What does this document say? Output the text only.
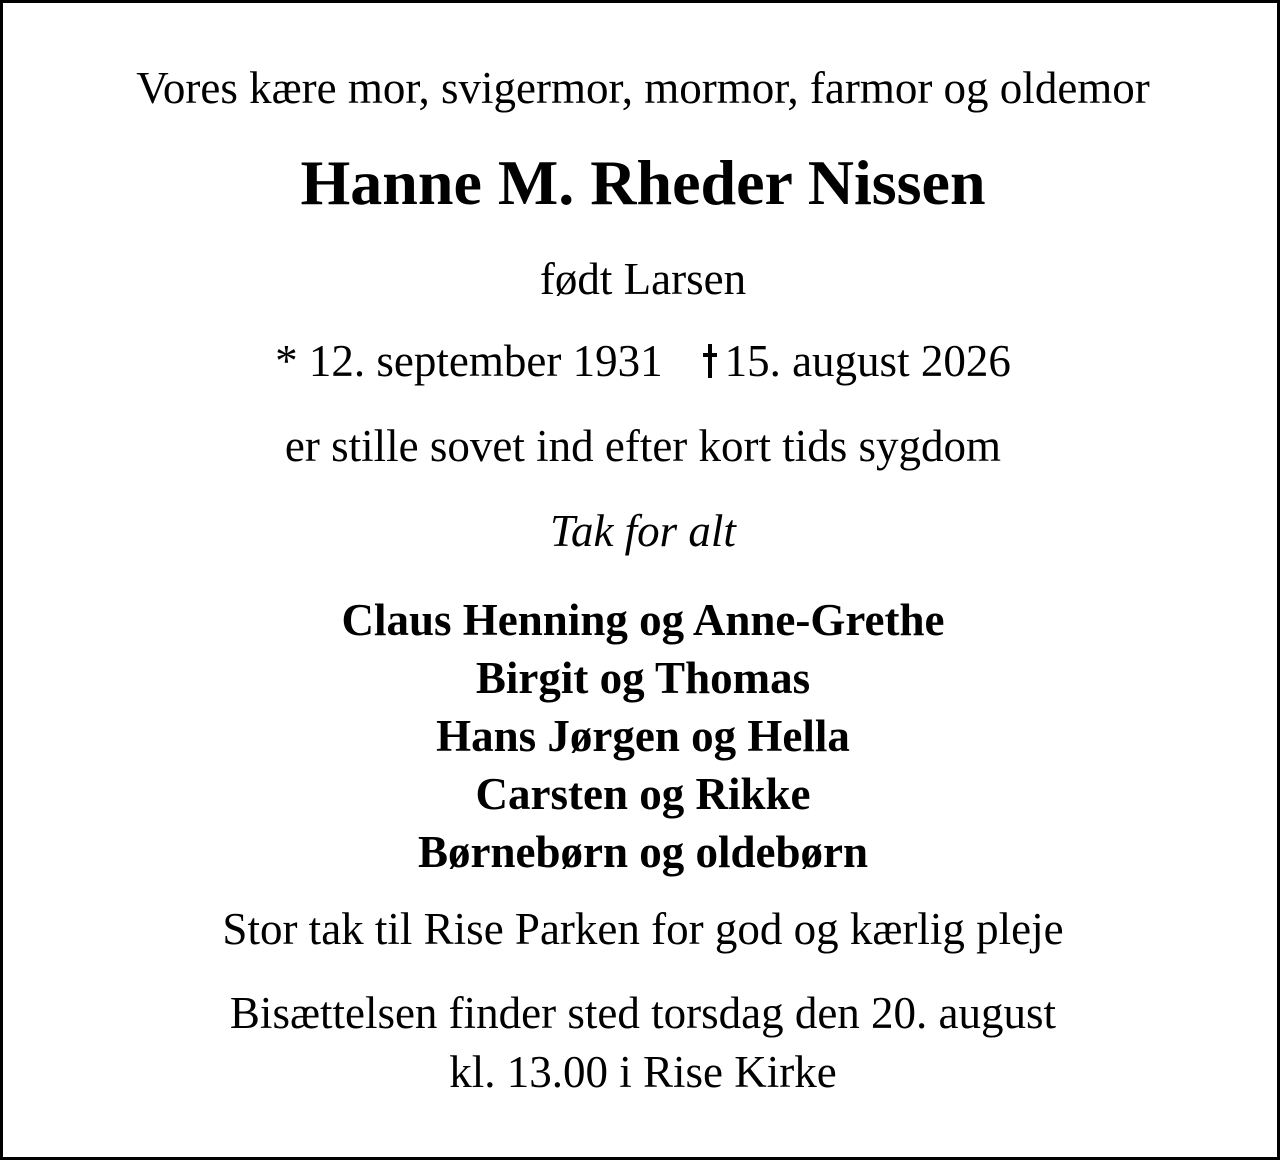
Vores kære mor, svigermor, mormor, farmor og oldemor
Hanne M. Rheder Nissen
født Larsen
* 12. september 1931 15. august 2026
er stille sovet ind efter kort tids sygdom
Tak for alt
Claus Henning og Anne-Grethe
Birgit og Thomas
Hans Jørgen og Hella
Carsten og Rikke
Børnebørn og oldebørn
Stor tak til Rise Parken for god og kærlig pleje
Bisættelsen finder sted torsdag den 20. august
kl. 13.00 i Rise Kirke
